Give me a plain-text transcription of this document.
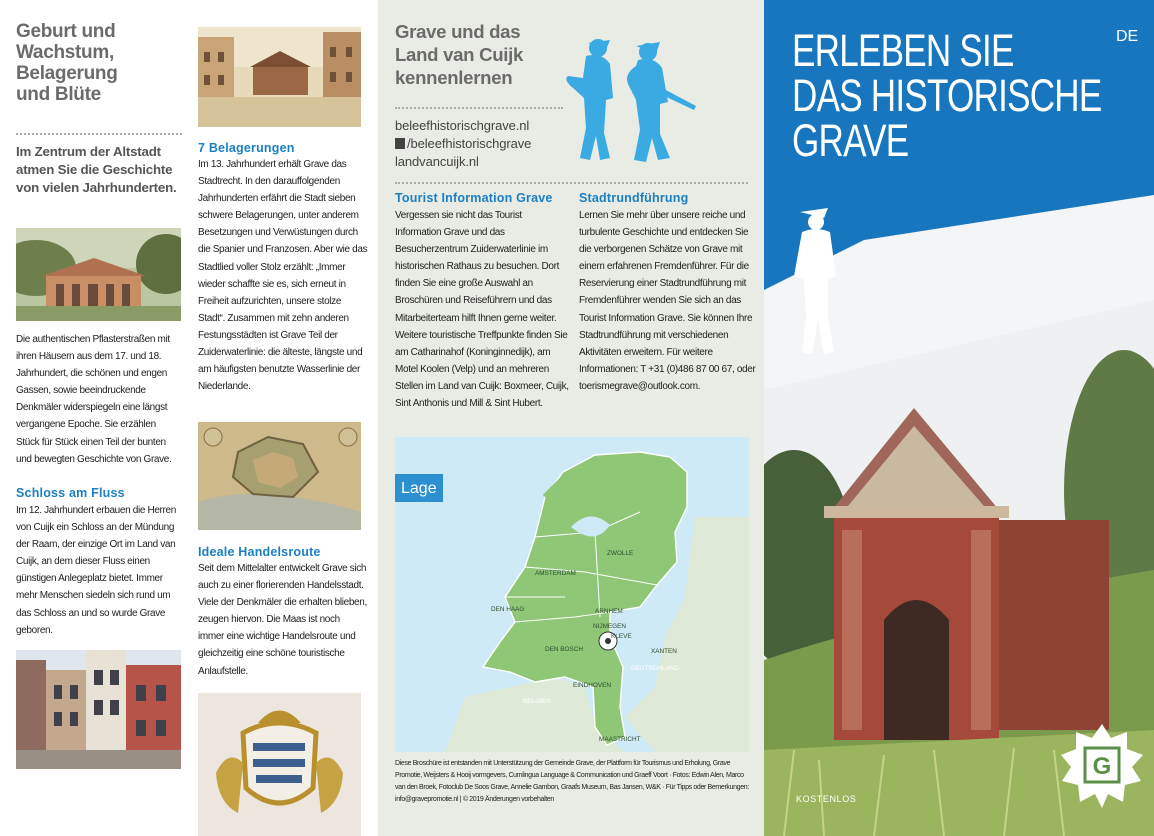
Geburt und
Wachstum,
Belagerung
und Blüte
Im Zentrum der Altstadt atmen Sie die Geschichte von vielen Jahrhunderten.
Die authentischen Pflasterstraßen mit ihren Häusern aus dem 17. und 18. Jahrhundert, die schönen und engen Gassen, sowie beeindruckende Denkmäler widerspiegeln eine längst vergangene Epoche. Sie erzählen Stück für Stück einen Teil der bunten und bewegten Geschichte von Grave.
Schloss am Fluss
Im 12. Jahrhundert erbauen die Herren von Cuijk ein Schloss an der Mündung der Raam, der einzige Ort im Land van Cuijk, an dem dieser Fluss einen günstigen Anlegeplatz bietet. Immer mehr Menschen siedeln sich rund um das Schloss an und so wurde Grave geboren.
7 Belagerungen
Im 13. Jahrhundert erhält Grave das Stadtrecht. In den darauffolgenden Jahrhunderten erfährt die Stadt sieben schwere Belagerungen, unter anderem Besetzungen und Verwüstungen durch die Spanier und Franzosen. Aber wie das Stadtlied voller Stolz erzählt: „Immer wieder schaffte sie es, sich erneut in Freiheit aufzurichten, unsere stolze Stadt“. Zusammen mit zehn anderen Festungsstädten ist Grave Teil der Zuiderwaterlinie: die älteste, längste und am häufigsten benutzte Wasserlinie der Niederlande.
Ideale Handelsroute
Seit dem Mittelalter entwickelt Grave sich auch zu einer florierenden Handelsstadt. Viele der Denkmäler die erhalten blieben, zeugen hiervon. Die Maas ist noch immer eine wichtige Handelsroute und gleichzeitig eine schöne touristische Anlaufstelle.
Grave und das
Land van Cuijk
kennenlernen
beleefhistorischgrave.nl
/beleefhistorischgrave
landvancuijk.nl
Tourist Information Grave
Vergessen sie nicht das Tourist Information Grave und das Besucherzentrum Zuiderwaterlinie im historischen Rathaus zu besuchen. Dort finden Sie eine große Auswahl an Broschüren und Reiseführern und das Mitarbeiterteam hilft Ihnen gerne weiter. Weitere touristische Treffpunkte finden Sie am Catharinahof (Koninginnedijk), am Motel Koolen (Velp) und an mehreren Stellen im Land van Cuijk: Boxmeer, Cuijk, Sint Anthonis und Mill & Sint Hubert.
Stadtrundführung
Lernen Sie mehr über unsere reiche und turbulente Geschichte und entdecken Sie die verborgenen Schätze von Grave mit einem erfahrenen Fremdenführer. Für die Reservierung einer Stadtrundführung mit Fremdenführer wenden Sie sich an das Tourist Information Grave. Sie können Ihre Stadtrundführung mit verschiedenen Aktivitäten erweitern. Für weitere Informationen: T +31 (0)486 87 00 67, oder toerismegrave@outlook.com.
Lage
ZWOLLE
AMSTERDAM
DEN HAAG	ARNHEM
NIJMEGEN
KLEVE
XANTEN
DEN BOSCH
EINDHOVEN
MAASTRICHT
DEUTSCHLAND
BELGIEN
Diese Broschüre ist entstanden mit Unterstützung der Gemeinde Grave, der Plattform für Tourismus und Erholung, Grave Promotie, Weijsters & Hooij vormgevers, Cumlingua Language & Communication und Graeff Voort · Fotos: Edwin Alen, Marco van den Broek, Fotoclub De Soos Grave, Annelie Gambon, Graafs Museum, Bas Jansen, W&K · Für Tipps oder Bemerkungen: info@gravepromotie.nl | © 2019 Änderungen vorbehalten
DE
ERLEBEN SIE
DAS HISTORISCHE
GRAVE
KOSTENLOS
G
